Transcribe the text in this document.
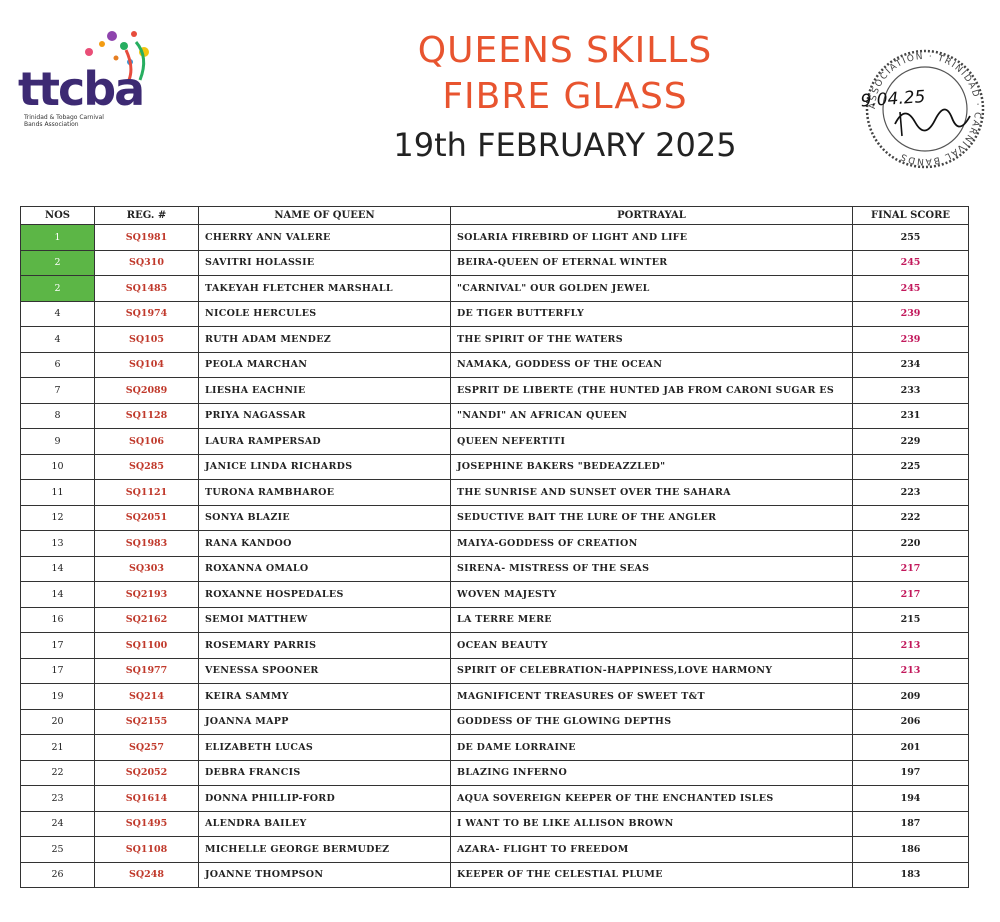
ttcba
Trinidad & Tobago Carnival Bands Association
QUEENS SKILLS
FIBRE GLASS
19th FEBRUARY 2025
ASSOCIATION · TRINIDAD · CARNIVAL BANDS
09.04.25
NOS	REG. #	NAME OF QUEEN	PORTRAYAL	FINAL SCORE
1	SQ1981	CHERRY ANN VALERE	SOLARIA FIREBIRD OF LIGHT AND LIFE	255
2	SQ310	SAVITRI HOLASSIE	BEIRA-QUEEN OF ETERNAL WINTER	245
2	SQ1485	TAKEYAH FLETCHER MARSHALL	"CARNIVAL" OUR GOLDEN JEWEL	245
4	SQ1974	NICOLE HERCULES	DE TIGER BUTTERFLY	239
4	SQ105	RUTH ADAM MENDEZ	THE SPIRIT OF THE WATERS	239
6	SQ104	PEOLA MARCHAN	NAMAKA, GODDESS OF THE OCEAN	234
7	SQ2089	LIESHA EACHNIE	ESPRIT DE LIBERTE (THE HUNTED JAB FROM CARONI SUGAR ES	233
8	SQ1128	PRIYA NAGASSAR	"NANDI" AN AFRICAN QUEEN	231
9	SQ106	LAURA RAMPERSAD	QUEEN NEFERTITI	229
10	SQ285	JANICE LINDA RICHARDS	JOSEPHINE BAKERS "BEDEAZZLED"	225
11	SQ1121	TURONA RAMBHAROE	THE SUNRISE AND SUNSET OVER THE SAHARA	223
12	SQ2051	SONYA BLAZIE	SEDUCTIVE BAIT THE LURE OF THE ANGLER	222
13	SQ1983	RANA KANDOO	MAIYA-GODDESS OF CREATION	220
14	SQ303	ROXANNA OMALO	SIRENA- MISTRESS OF THE SEAS	217
14	SQ2193	ROXANNE HOSPEDALES	WOVEN MAJESTY	217
16	SQ2162	SEMOI MATTHEW	LA TERRE MERE	215
17	SQ1100	ROSEMARY PARRIS	OCEAN BEAUTY	213
17	SQ1977	VENESSA SPOONER	SPIRIT OF CELEBRATION-HAPPINESS,LOVE HARMONY	213
19	SQ214	KEIRA SAMMY	MAGNIFICENT TREASURES OF SWEET T&T	209
20	SQ2155	JOANNA MAPP	GODDESS OF THE GLOWING DEPTHS	206
21	SQ257	ELIZABETH LUCAS	DE DAME LORRAINE	201
22	SQ2052	DEBRA FRANCIS	BLAZING INFERNO	197
23	SQ1614	DONNA PHILLIP-FORD	AQUA SOVEREIGN KEEPER OF THE ENCHANTED ISLES	194
24	SQ1495	ALENDRA BAILEY	I WANT TO BE LIKE ALLISON BROWN	187
25	SQ1108	MICHELLE GEORGE BERMUDEZ	AZARA- FLIGHT TO FREEDOM	186
26	SQ248	JOANNE THOMPSON	KEEPER OF THE CELESTIAL PLUME	183
